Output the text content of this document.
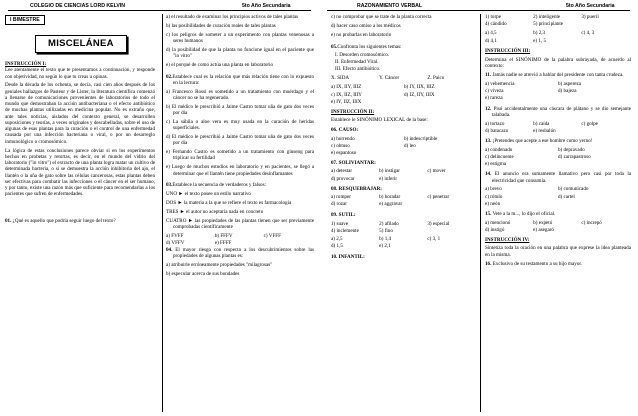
COLEGIO DE CIENCIAS LORD KELVIN	5to Año Secundaria
I BIMESTRE
MISCELÁNEA

INSTRUCCIÓN I:
Lee atentamente el texto que te presentamos a continuación, y responde con objetividad, no según lo que tu creas u opinas.

Desde la década de los ochenta, se decía, casi cien años después de los geniales hallazgos de Pasteur y de Lister, la literatura científica comenzó a llenarse de comunicaciones provenientes de laboratorios de todo el mundo que demostraban la acción antibacteriana o el efecto antibiótico de muchas plantas utilizadas en medicina popular. No es extraño que, ante tales noticias, aislados del contexto general, se desarrollen suposiciones y teorías, a veces originales y descabelladas, sobre el uso de algunas de esas plantas para la curación o el control de una enfermedad causada por una infección bacteriana o viral, o por un desarreglo inmunológico o cromosómico.

La lógica de estas conclusiones parece obviar si en los experimentos hechos en probetas y retortas, es decir, en el mundo del vidrio del laboratorio ("in vitro") el extracto de una planta logra matar un cultivo de determinada bacteria, o si se demuestra la acción inhibitoria del ajo, el llantén o la uña de gato sobre las células cancerosas, estas plantas deben ser efectivas para combatir las infecciones o el cáncer en el ser humano, y por tanto, existe una razón más que suficiente para recomendarlas a los pacientes que sufren de enfermedades.

01. ¿Qué es aquello que podría seguir luego del texto?

a) el resultado de examinar los principios activos de tales plantas

b) las posibilidades de curación reales de tales plantas

c) los peligros de someter a un experimento con plantas venenosas a seres humanos

d) la posibilidad de que la planta no funcione igual en el paciente que "in vitro"

e) el porqué de como actúa una planta en laboratorio

02.Establece cual es la relación que más relación tiene con lo expuesto en la lectura:

a) Francesco Rossi es sometido a un tratamiento con muérdago y el cáncer no se ha regenerado.

b) El médico le prescribió a Jaime Castro tomar uña de gato dos veces por día

c) La sábila o aloe vera es muy usada en la curación de heridas superficiales.

d) El médico le prescribió a Jaime Castro tomar uña de gato dos veces por día

e) Fernando Castro es sometido a un tratamiento con ginseng para triplicar su fertilidad

e) Luego de muchos estudios en laboratorio y en pacientes, se llegó a determinar que el llantén tiene propiedades desinflamantes

03.Establece la secuencia de verdaderos y falsos:

UNO ► el texto posee un estilo narrativo

DOS ► la materia a la que se refiere el texto es farmacología

TRES ► el autor no aceptaría nada en concreto

CUATRO ► las propiedades de las plantas tienen que ser previamente comprobadas científicamente

a) FVFF	b) FFFV	c) VFFF
d) VFFV	e) FFFF

04. El mayor riesgo con respecto a los descubrimientos sobre las propiedades de algunas plantas es:

a) atribuirle erróneamente propiedades "milagrosas"

b) especular acerca de sus bondades

RAZONAMIENTO VERBAL	5to Año Secundaria

c) no comprobar que se trate de la planta correcta

d) hacer caso omiso a los médicos

e) no probarlas en laboratorio

05.Confronta los siguientes temas:

I. Desorden cromosómico.

II. Enfermedad Viral.

III. Efecto antibiótico.

X. SIDA	Y. Cáncer	Z. Paico
a) IX, IIY, IIIZ	b) IY, IIX, IIIZ
c) IX, IIZ, IIIY	d) IZ, IIY, IIIX
e) IY, IIZ, IIIX

INSTRUCCIÓN II:

Establece le SINÓNIMO LEXICAL de la base:

06. CAUSO:

a) horrendo	b) indescriptible
c) obtuso	d) leo
e) espantoso

07. SOLIVIANTAR:

a) detestar	b) instigar	c) mover
d) provocar	e) inferir

08. RESQUEBRAJAR:

a) romper	b) horadar	c) penetrar
d) rozar	e) aggravar

09. SUTIL:

1) suave	2) afilado	3) especial
4) inclemente	5) fino
a) 2,5	b) 1,4	c) 3, 1
d) 1,5	e) 2,1

10. INFANTIL:

1) torpe	2) inteligente	3) pueril
4) cándido	5) principiante
a) 4,5	b) 2,3	c) 4, 3
d) 4,1	e) 1, 5

INSTRUCCIÓN III:

Determina el SINÓNIMO de la palabra subrayada, de acuerdo al contexto:

11. Jamás nadie se atrevió a hablar del presidente con tanta crudeza.

a) vehemencia	b) aspereza
c) viveza	d) bajeza
e) rareza

12. Pisó accidentalmente una cáscara de plátano y se dio semejante talabada.

a) tortazo	b) caída	c) golpe
d) batacazo	e) resbalón

13. ¡Pretendes que acepte a ese hombre como yerno!

a) condenado	b) depravado
c) delincuente	d) zarrapastroso
e) estigma

14. El anuncio era sumamente llamativo pero casi por toda la electricidad que consumía.

a) brevo	b) comunicado
c) rótulo	d) cartel
e) neón

15. Vete a la m..., lo dijo el oficial.

a) mencionó	b) expetó	c) increpó
d) instigó	e) asegaró

INSTRUCCIÓN IV:

Sintetiza toda la oración en una palabra que exprese la idea planteada en la misma.

16. Exclusivo de su testamento a su hijo mayor.
